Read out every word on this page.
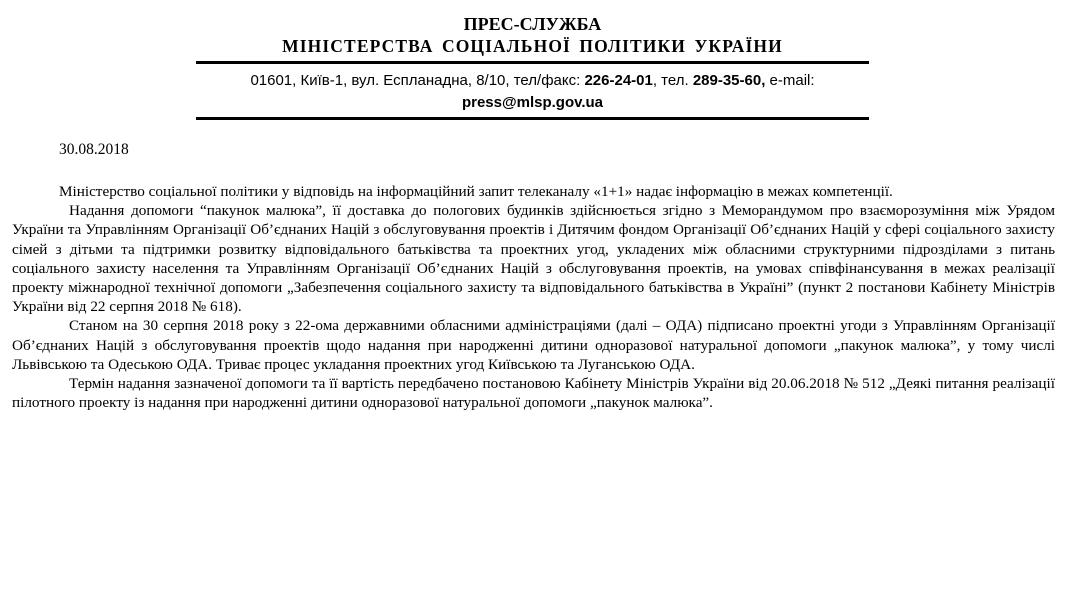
ПРЕС-СЛУЖБА
МІНІСТЕРСТВА СОЦІАЛЬНОЇ ПОЛІТИКИ УКРАЇНИ
01601, Київ-1, вул. Еспланадна, 8/10, тел/факс: 226-24-01, тел. 289-35-60, e-mail:
press@mlsp.gov.ua
30.08.2018

Міністерство соціальної політики у відповідь на інформаційний запит телеканалу «1+1» надає інформацію в межах компетенції.

Надання допомоги “пакунок малюка”, її доставка до пологових будинків здійснюється згідно з Меморандумом про взаєморозуміння між Урядом України та Управлінням Організації Об’єднаних Націй з обслуговування проектів і Дитячим фондом Організації Об’єднаних Націй у сфері соціального захисту сімей з дітьми та підтримки розвитку відповідального батьківства та проектних угод, укладених між обласними структурними підрозділами з питань соціального захисту населення та Управлінням Організації Об’єднаних Націй з обслуговування проектів, на умовах співфінансування в межах реалізації проекту міжнародної технічної допомоги „Забезпечення соціального захисту та відповідального батьківства в Україні” (пункт 2 постанови Кабінету Міністрів України від 22 серпня 2018 № 618).

Станом на 30 серпня 2018 року з 22-ома державними обласними адміністраціями (далі – ОДА) підписано проектні угоди з Управлінням Організації Об’єднаних Націй з обслуговування проектів щодо надання при народженні дитини одноразової натуральної допомоги „пакунок малюка”, у тому числі Львівською та Одеською ОДА. Триває процес укладання проектних угод Київською та Луганською ОДА.

Термін надання зазначеної допомоги та її вартість передбачено постановою Кабінету Міністрів України від 20.06.2018 № 512 „Деякі питання реалізації пілотного проекту із надання при народженні дитини одноразової натуральної допомоги „пакунок малюка”.
